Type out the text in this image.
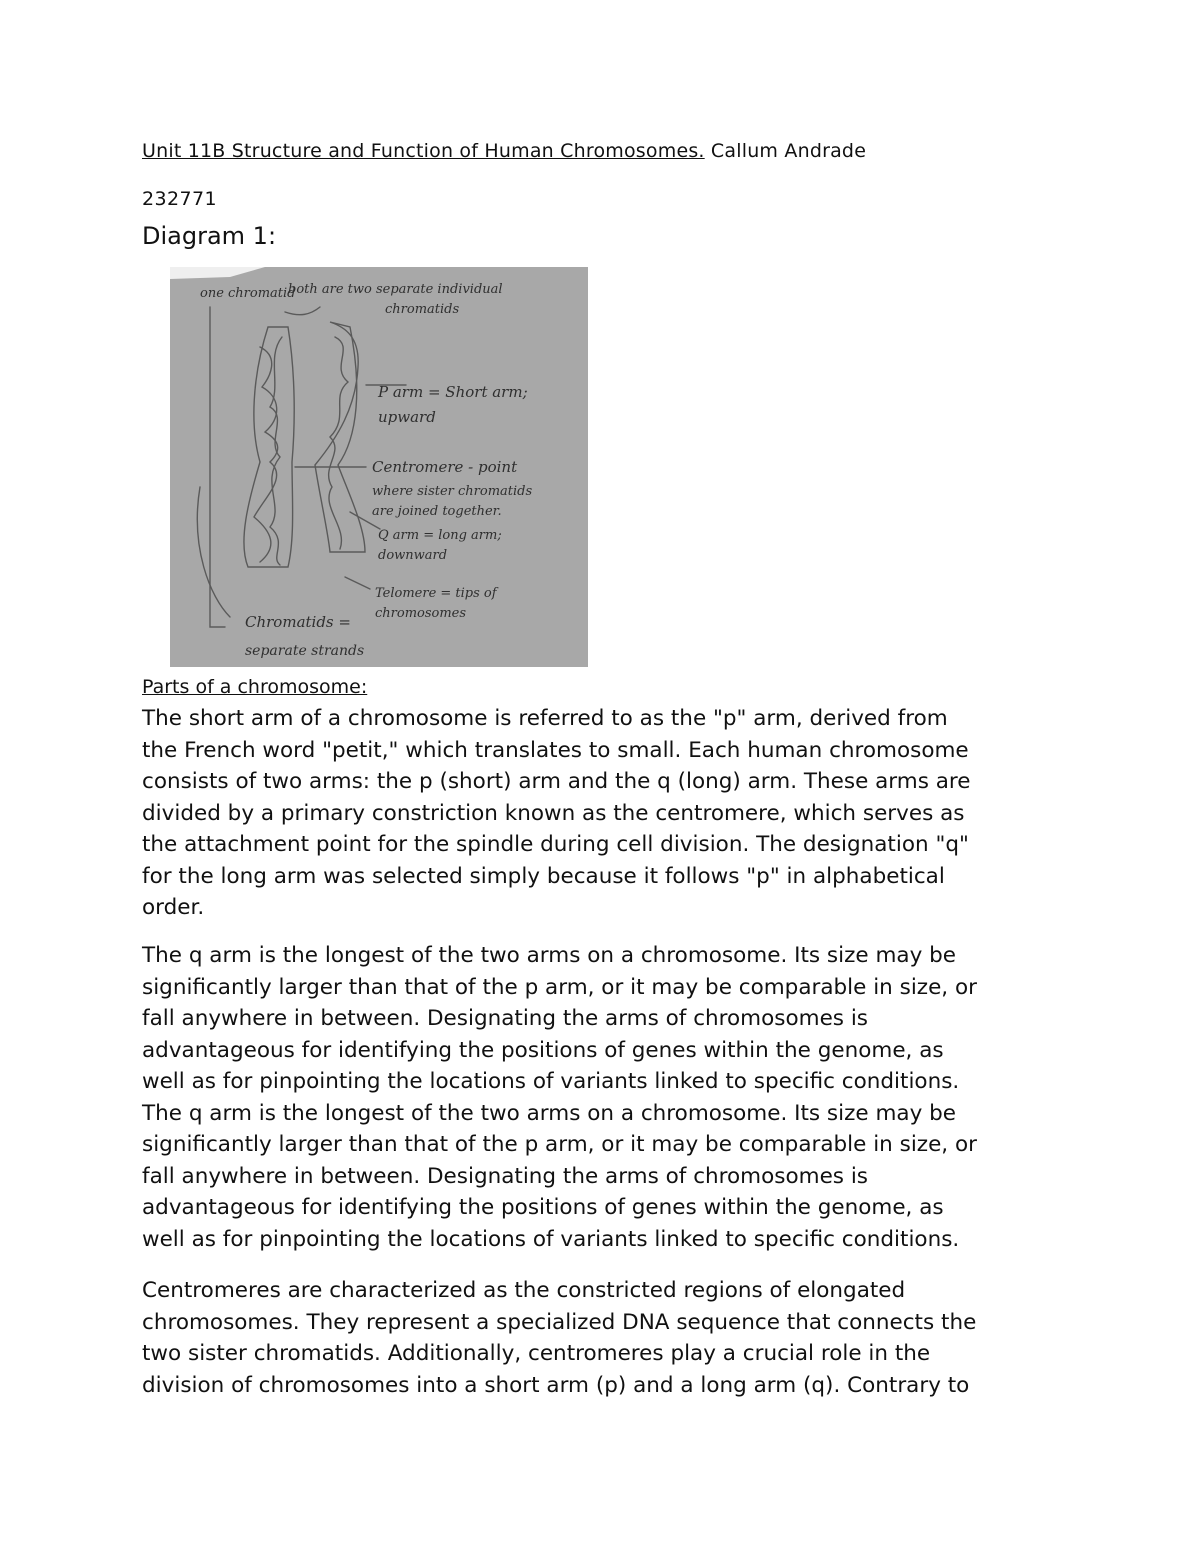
Unit 11B Structure and Function of Human Chromosomes. Callum Andrade
232771
Diagram 1:
one chromatid
both are two separate individual
chromatids
P arm = Short arm;
upward
Centromere - point
where sister chromatids
are joined together.
Q arm = long arm;
downward
Telomere = tips of
chromosomes
Chromatids =
separate strands
Parts of a chromosome:

The short arm of a chromosome is referred to as the "p" arm, derived from
the French word "petit," which translates to small. Each human chromosome
consists of two arms: the p (short) arm and the q (long) arm. These arms are
divided by a primary constriction known as the centromere, which serves as
the attachment point for the spindle during cell division. The designation "q"
for the long arm was selected simply because it follows "p" in alphabetical
order.

The q arm is the longest of the two arms on a chromosome. Its size may be
significantly larger than that of the p arm, or it may be comparable in size, or
fall anywhere in between. Designating the arms of chromosomes is
advantageous for identifying the positions of genes within the genome, as
well as for pinpointing the locations of variants linked to specific conditions.
The q arm is the longest of the two arms on a chromosome. Its size may be
significantly larger than that of the p arm, or it may be comparable in size, or
fall anywhere in between. Designating the arms of chromosomes is
advantageous for identifying the positions of genes within the genome, as
well as for pinpointing the locations of variants linked to specific conditions.

Centromeres are characterized as the constricted regions of elongated
chromosomes. They represent a specialized DNA sequence that connects the
two sister chromatids. Additionally, centromeres play a crucial role in the
division of chromosomes into a short arm (p) and a long arm (q). Contrary to
